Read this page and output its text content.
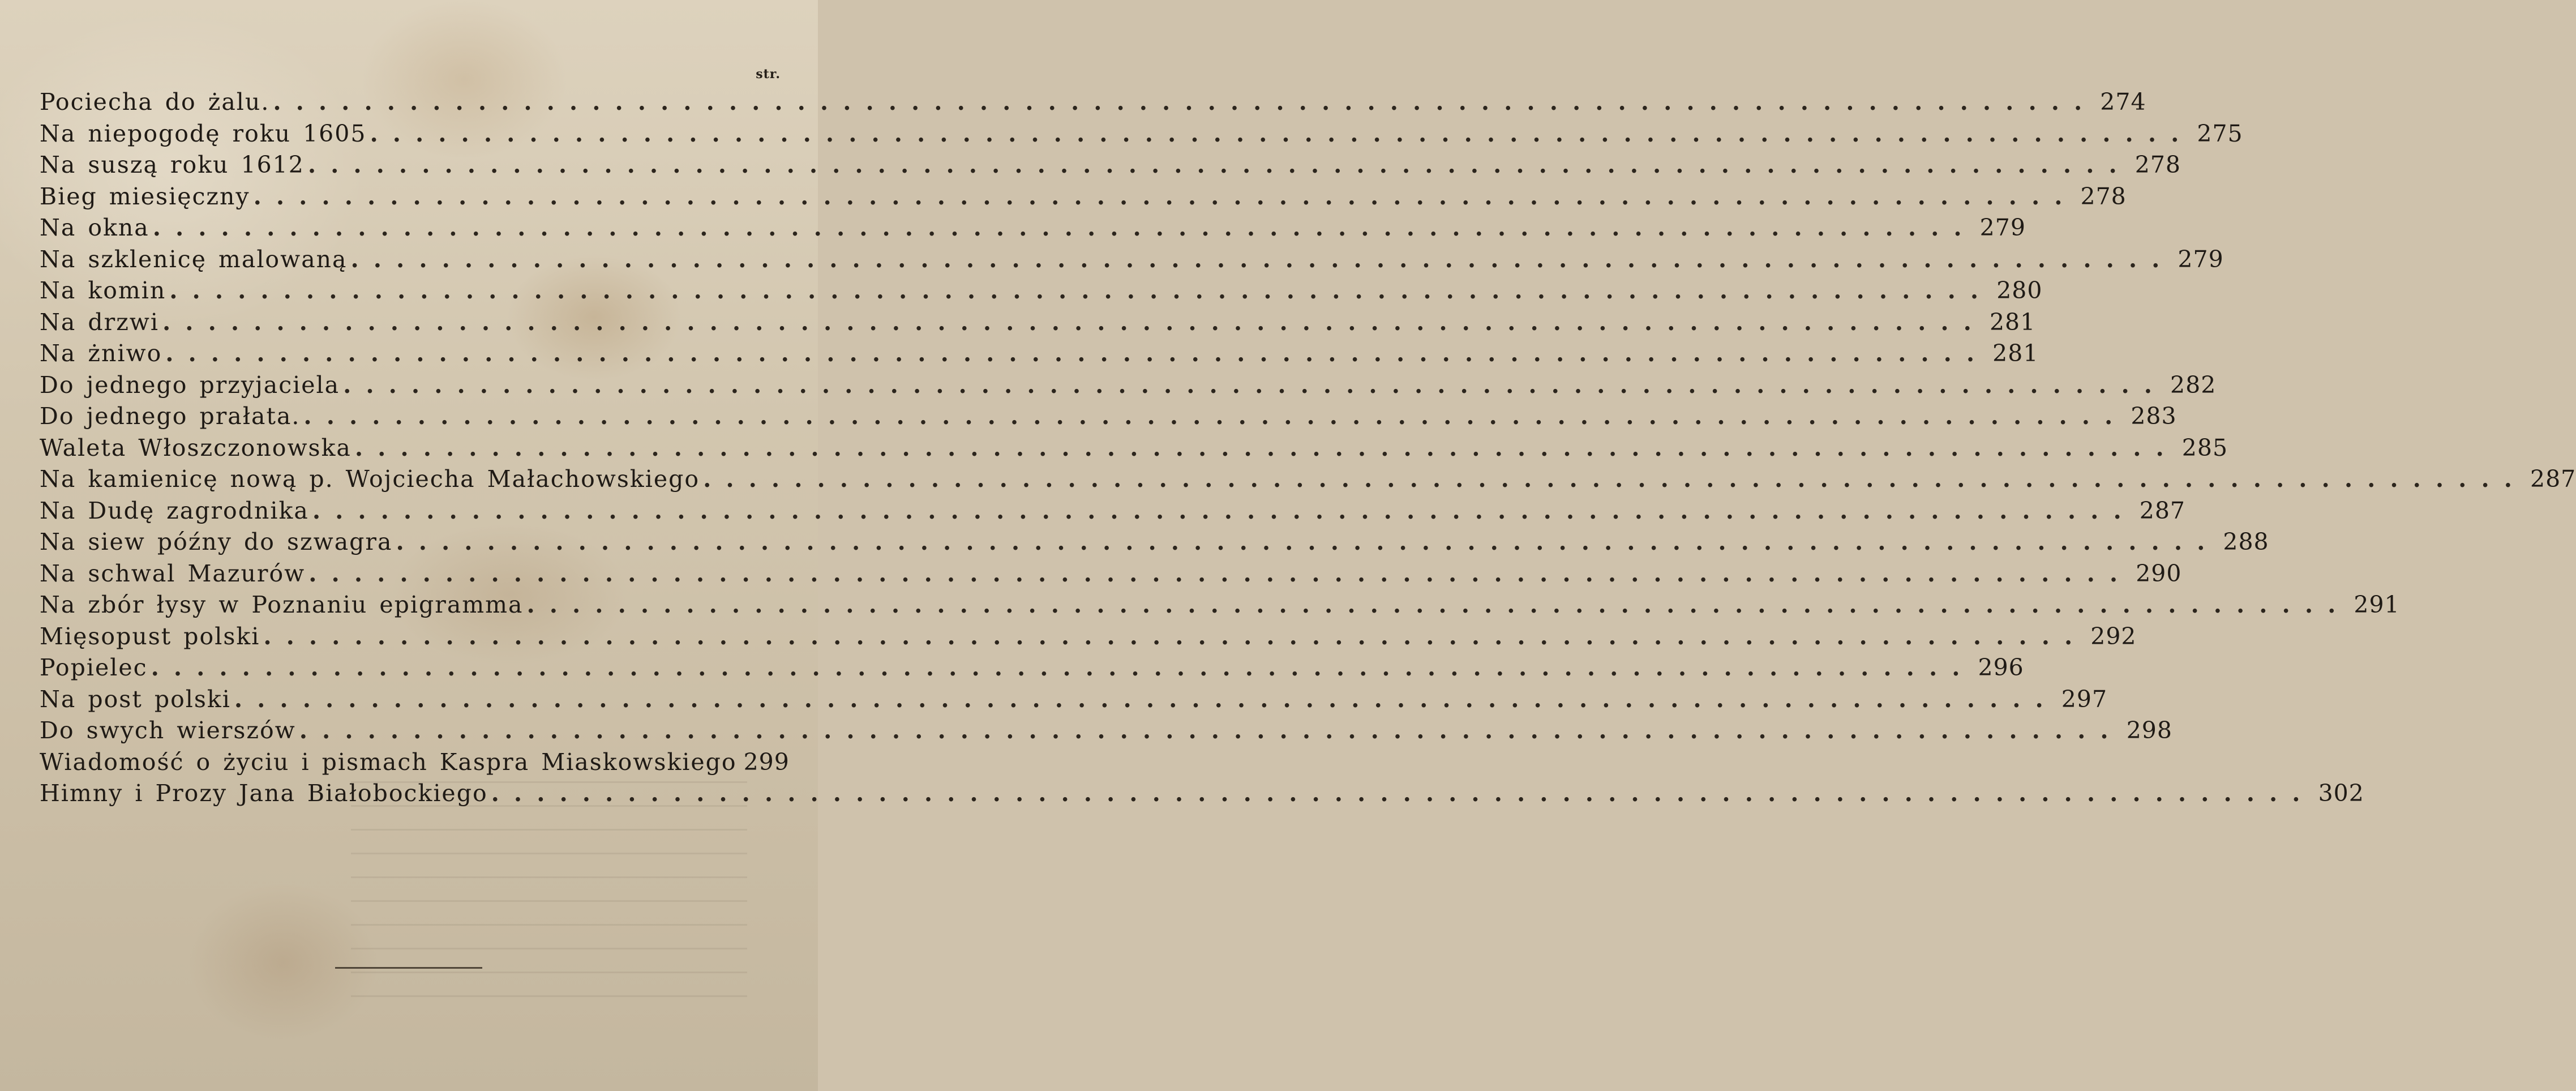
str.
Pociecha do żalu. ................................................................................ 274
Na niepogodę roku 1605 ................................................................................ 275
Na suszą roku 1612 ................................................................................ 278
Bieg miesięczny ................................................................................ 278
Na okna ................................................................................ 279
Na szklenicę malowaną ................................................................................ 279
Na komin ................................................................................ 280
Na drzwi ................................................................................ 281
Na żniwo ................................................................................ 281
Do jednego przyjaciela ................................................................................ 282
Do jednego prałata. ................................................................................ 283
Waleta Włoszczonowska ................................................................................ 285
Na kamienicę nową p. Wojciecha Małachowskiego ................................................................................ 287
Na Dudę zagrodnika ................................................................................ 287
Na siew późny do szwagra ................................................................................ 288
Na schwal Mazurów ................................................................................ 290
Na zbór łysy w Poznaniu epigramma ................................................................................ 291
Mięsopust polski ................................................................................ 292
Popielec ................................................................................ 296
Na post polski ................................................................................ 297
Do swych wierszów ................................................................................ 298
Wiadomość o życiu i pismach Kaspra Miaskowskiego 299
Himny i Prozy Jana Białobockiego ................................................................................ 302
